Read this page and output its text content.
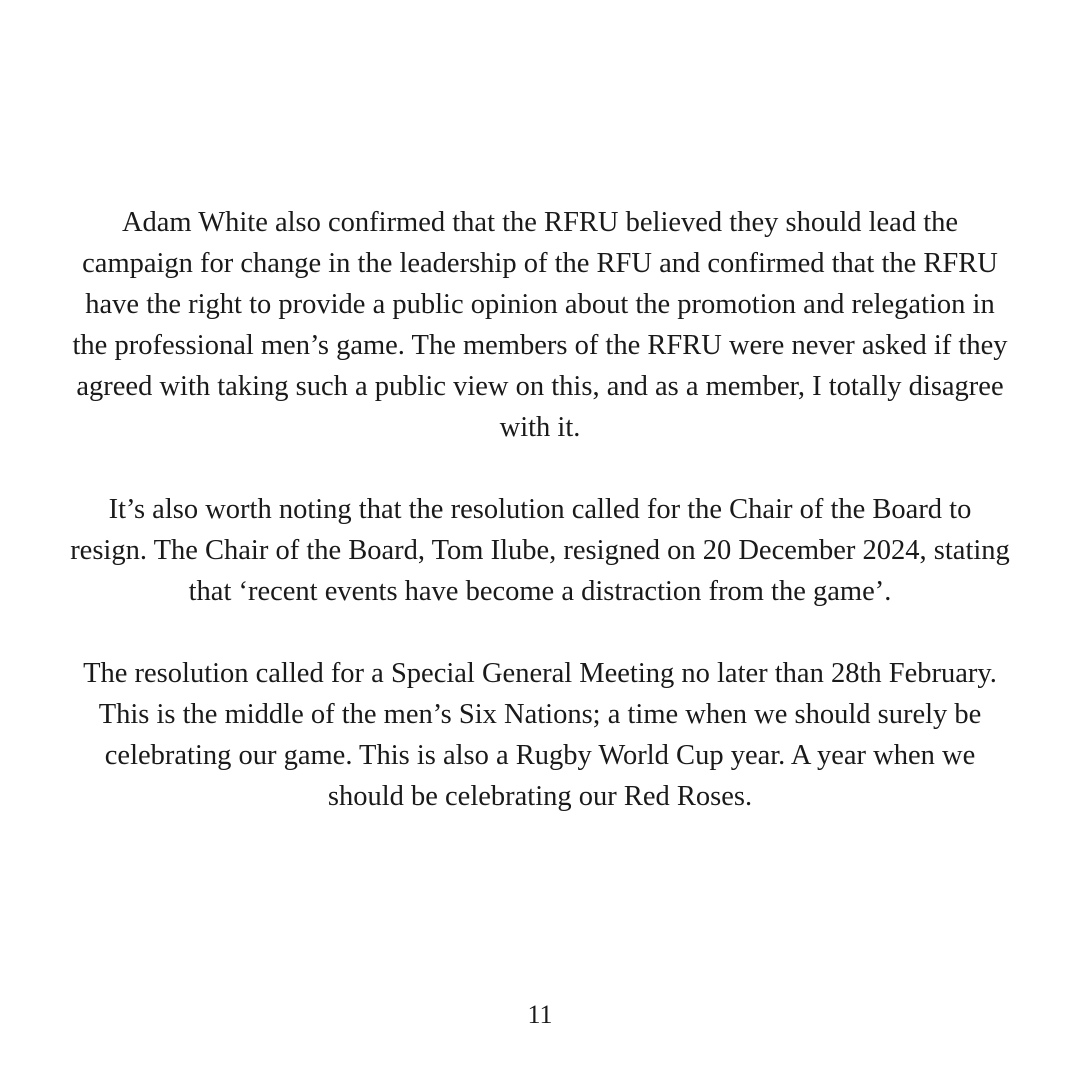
Adam White also confirmed that the RFRU believed they should lead the campaign for change in the leadership of the RFU and confirmed that the RFRU have the right to provide a public opinion about the promotion and relegation in the professional men’s game. The members of the RFRU were never asked if they agreed with taking such a public view on this, and as a member, I totally disagree with it.

It’s also worth noting that the resolution called for the Chair of the Board to resign. The Chair of the Board, Tom Ilube, resigned on 20 December 2024, stating that ‘recent events have become a distraction from the game’.

The resolution called for a Special General Meeting no later than 28th February. This is the middle of the men’s Six Nations; a time when we should surely be celebrating our game. This is also a Rugby World Cup year. A year when we should be celebrating our Red Roses.

11
